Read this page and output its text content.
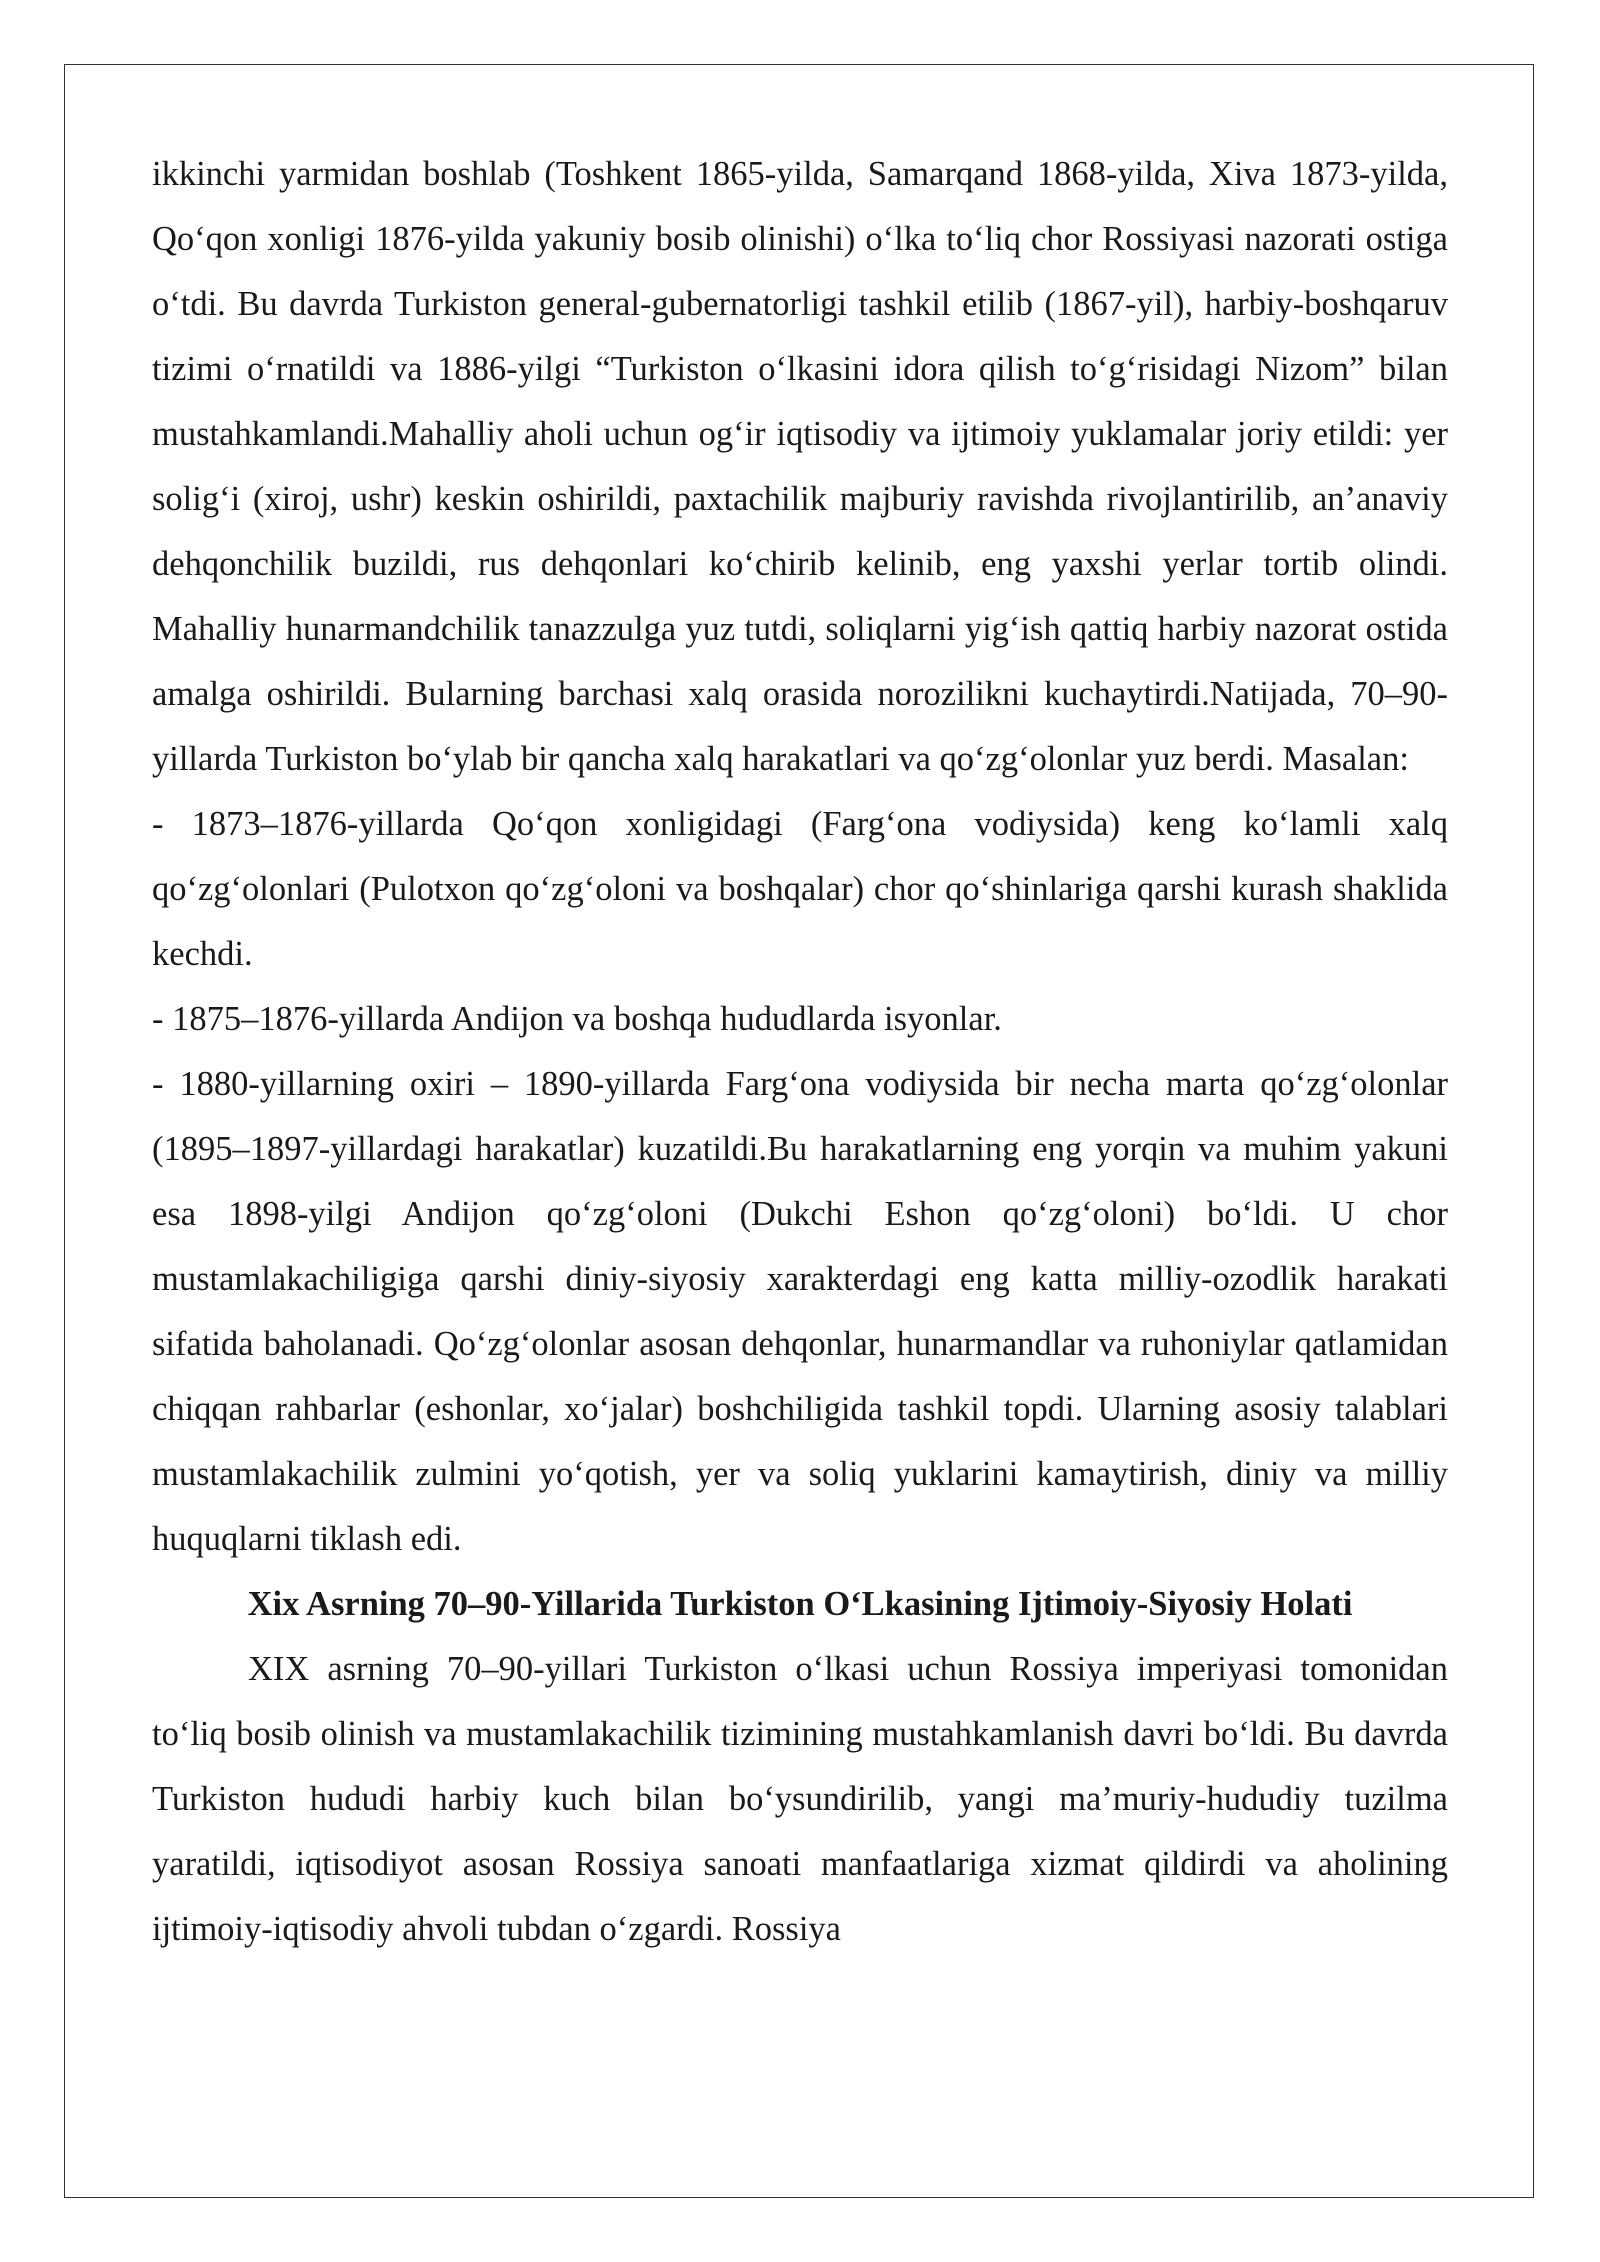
ikkinchi yarmidan boshlab (Toshkent 1865-yilda, Samarqand 1868-yilda, Xiva 1873-yilda, Qo‘qon xonligi 1876-yilda yakuniy bosib olinishi) o‘lka to‘liq chor Rossiyasi nazorati ostiga o‘tdi. Bu davrda Turkiston general-gubernatorligi tashkil etilib (1867-yil), harbiy-boshqaruv tizimi o‘rnatildi va 1886-yilgi “Turkiston o‘lkasini idora qilish to‘g‘risidagi Nizom” bilan mustahkamlandi.Mahalliy aholi uchun og‘ir iqtisodiy va ijtimoiy yuklamalar joriy etildi: yer solig‘i (xiroj, ushr) keskin oshirildi, paxtachilik majburiy ravishda rivojlantirilib, an’anaviy dehqonchilik buzildi, rus dehqonlari ko‘chirib kelinib, eng yaxshi yerlar tortib olindi. Mahalliy hunarmandchilik tanazzulga yuz tutdi, soliqlarni yig‘ish qattiq harbiy nazorat ostida amalga oshirildi. Bularning barchasi xalq orasida norozilikni kuchaytirdi.Natijada, 70–90-yillarda Turkiston bo‘ylab bir qancha xalq harakatlari va qo‘zg‘olonlar yuz berdi. Masalan:

- 1873–1876-yillarda Qo‘qon xonligidagi (Farg‘ona vodiysida) keng ko‘lamli xalq qo‘zg‘olonlari (Pulotxon qo‘zg‘oloni va boshqalar) chor qo‘shinlariga qarshi kurash shaklida kechdi.

- 1875–1876-yillarda Andijon va boshqa hududlarda isyonlar.

- 1880-yillarning oxiri – 1890-yillarda Farg‘ona vodiysida bir necha marta qo‘zg‘olonlar (1895–1897-yillardagi harakatlar) kuzatildi.Bu harakatlarning eng yorqin va muhim yakuni esa 1898-yilgi Andijon qo‘zg‘oloni (Dukchi Eshon qo‘zg‘oloni) bo‘ldi. U chor mustamlakachiligiga qarshi diniy-siyosiy xarakterdagi eng katta milliy-ozodlik harakati sifatida baholanadi. Qo‘zg‘olonlar asosan dehqonlar, hunarmandlar va ruhoniylar qatlamidan chiqqan rahbarlar (eshonlar, xo‘jalar) boshchiligida tashkil topdi. Ularning asosiy talablari mustamlakachilik zulmini yo‘qotish, yer va soliq yuklarini kamaytirish, diniy va milliy huquqlarni tiklash edi.

Xix Asrning 70–90-Yillarida Turkiston O‘Lkasining Ijtimoiy-Siyosiy Holati

XIX asrning 70–90-yillari Turkiston o‘lkasi uchun Rossiya imperiyasi tomonidan to‘liq bosib olinish va mustamlakachilik tizimining mustahkamlanish davri bo‘ldi. Bu davrda Turkiston hududi harbiy kuch bilan bo‘ysundirilib, yangi ma’muriy-hududiy tuzilma yaratildi, iqtisodiyot asosan Rossiya sanoati manfaatlariga xizmat qildirdi va aholining ijtimoiy-iqtisodiy ahvoli tubdan o‘zgardi. Rossiya
